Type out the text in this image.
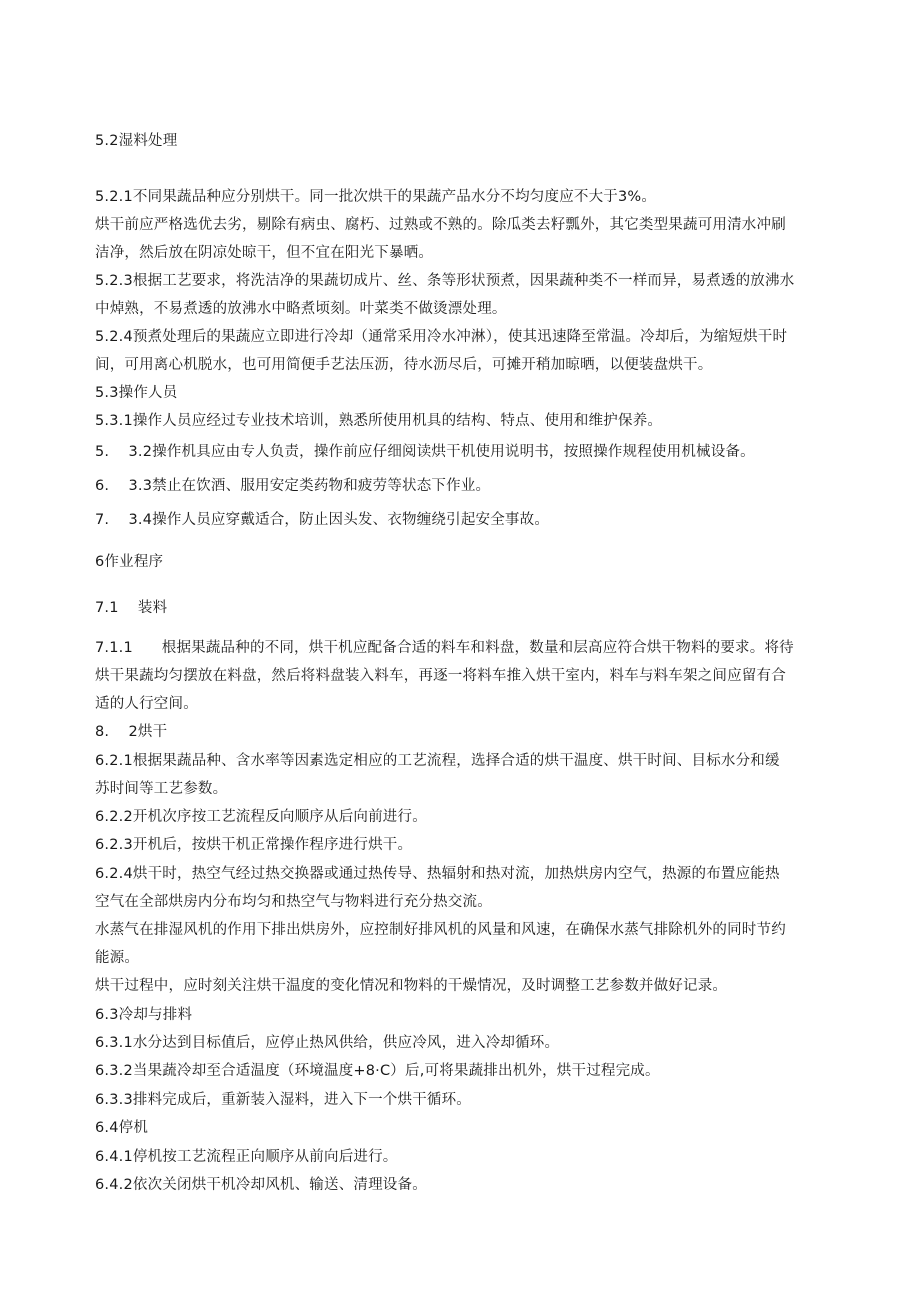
5.2湿料处理
5.2.1不同果蔬品种应分别烘干。同一批次烘干的果蔬产品水分不均匀度应不大于3%。
烘干前应严格选优去劣，剔除有病虫、腐朽、过熟或不熟的。除瓜类去籽瓢外，其它类型果蔬可用清水冲刷
洁净，然后放在阴凉处晾干，但不宜在阳光下暴晒。
5.2.3根据工艺要求，将洗洁净的果蔬切成片、丝、条等形状预煮，因果蔬种类不一样而异，易煮透的放沸水
中焯熟，不易煮透的放沸水中略煮顷刻。叶菜类不做烫漂处理。
5.2.4预煮处理后的果蔬应立即进行冷却（通常采用冷水冲淋），使其迅速降至常温。冷却后，为缩短烘干时
间，可用离心机脱水，也可用简便手艺法压沥，待水沥尽后，可摊开稍加晾晒，以便装盘烘干。
5.3操作人员
5.3.1操作人员应经过专业技术培训，熟悉所使用机具的结构、特点、使用和维护保养。
5.    3.2操作机具应由专人负责，操作前应仔细阅读烘干机使用说明书，按照操作规程使用机械设备。
6.    3.3禁止在饮酒、服用安定类药物和疲劳等状态下作业。
7.    3.4操作人员应穿戴适合，防止因头发、衣物缠绕引起安全事故。
6作业程序
7.1    装料
7.1.1      根据果蔬品种的不同，烘干机应配备合适的料车和料盘，数量和层高应符合烘干物料的要求。将待
烘干果蔬均匀摆放在料盘，然后将料盘装入料车，再逐一将料车推入烘干室内，料车与料车架之间应留有合
适的人行空间。
8.    2烘干
6.2.1根据果蔬品种、含水率等因素选定相应的工艺流程，选择合适的烘干温度、烘干时间、目标水分和缓
苏时间等工艺参数。
6.2.2开机次序按工艺流程反向顺序从后向前进行。
6.2.3开机后，按烘干机正常操作程序进行烘干。
6.2.4烘干时，热空气经过热交换器或通过热传导、热辐射和热对流，加热烘房内空气，热源的布置应能热
空气在全部烘房内分布均匀和热空气与物料进行充分热交流。
水蒸气在排湿风机的作用下排出烘房外，应控制好排风机的风量和风速，在确保水蒸气排除机外的同时节约
能源。
烘干过程中，应时刻关注烘干温度的变化情况和物料的干燥情况，及时调整工艺参数并做好记录。
6.3冷却与排料
6.3.1水分达到目标值后，应停止热风供给，供应冷风，进入冷却循环。
6.3.2当果蔬冷却至合适温度（环境温度+8·C）后,可将果蔬排出机外，烘干过程完成。
6.3.3排料完成后，重新装入湿料，进入下一个烘干循环。
6.4停机
6.4.1停机按工艺流程正向顺序从前向后进行。
6.4.2依次关闭烘干机冷却风机、输送、清理设备。
